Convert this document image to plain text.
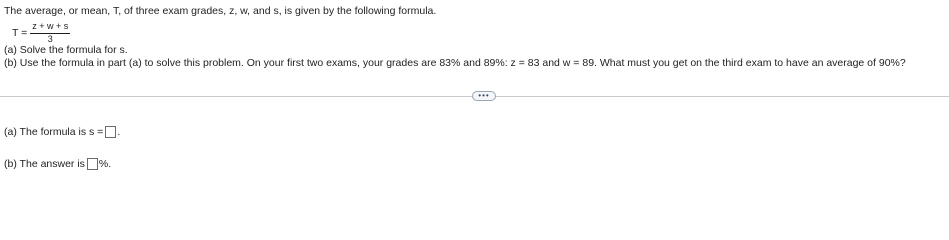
The average, or mean, T, of three exam grades, z, w, and s, is given by the following formula.
$T = \frac{z + w + s}{3}$
(a) Solve the formula for s.
(b) Use the formula in part (a) to solve this problem. On your first two exams, your grades are 83% and 89%: z = 83 and w = 89. What must you get on the third exam to have an average of 90%?
•••
(a) The formula is s = .
(b) The answer is %.
